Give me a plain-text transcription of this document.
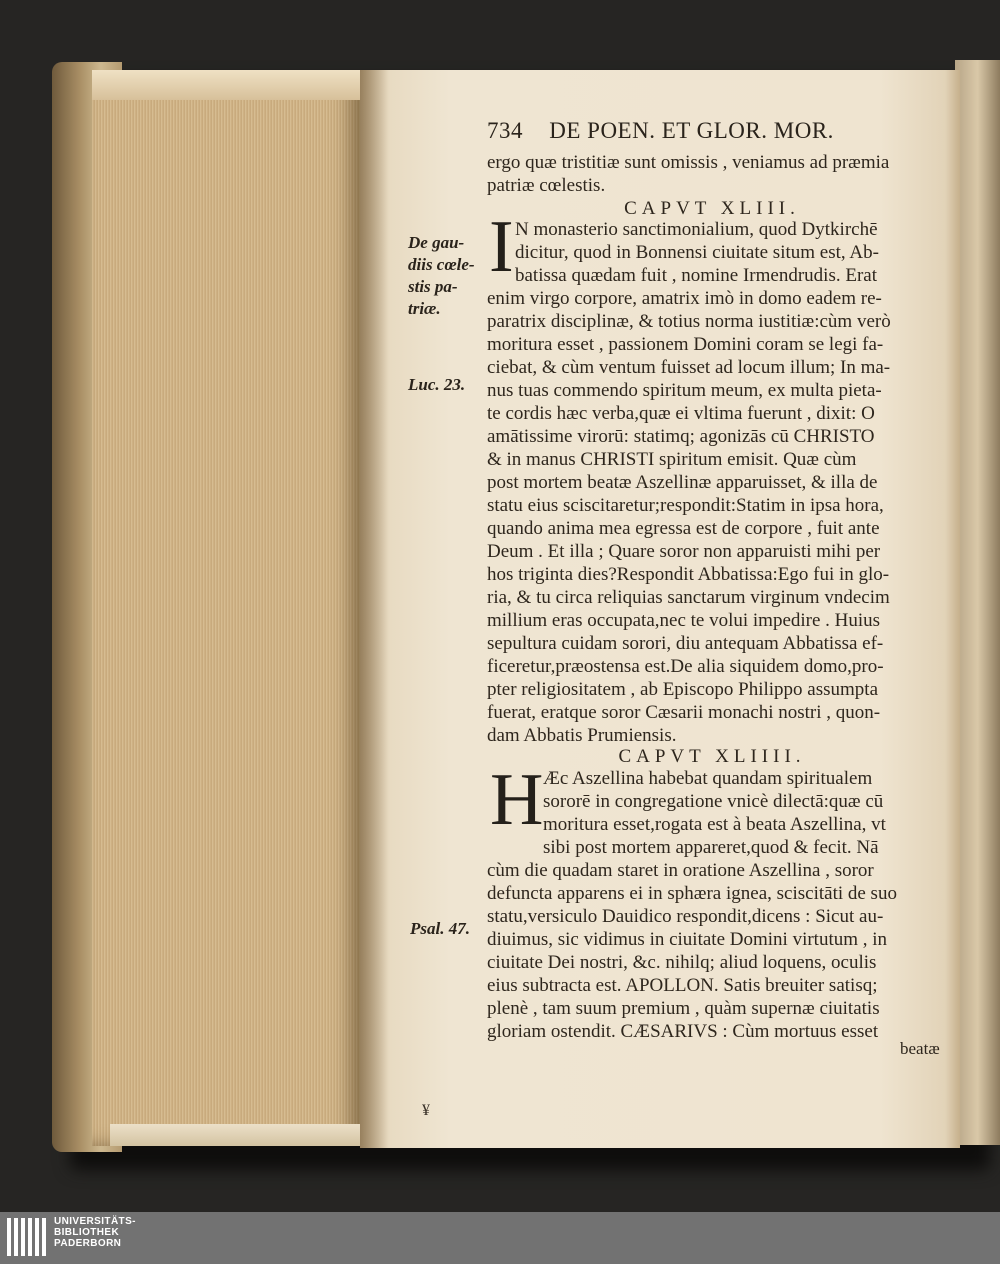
734 DE POEN. ET GLOR. MOR.
ergo quæ tristitiæ sunt omissis , veniamus ad præmia
patriæ cœlestis.
CAPVT XLIII.
I N monasterio sanctimonialium, quod Dytkirchē
dicitur, quod in Bonnensi ciuitate situm est, Ab-
batissa quædam fuit , nomine Irmendrudis. Erat
enim virgo corpore, amatrix imò in domo eadem re-
paratrix disciplinæ, & totius norma iustitiæ:cùm verò
moritura esset , passionem Domini coram se legi fa-
ciebat, & cùm ventum fuisset ad locum illum; In ma-
nus tuas commendo spiritum meum, ex multa pieta-
te cordis hæc verba,quæ ei vltima fuerunt , dixit: O
amātissime virorū: statimq; agonizās cū CHRISTO
& in manus CHRISTI spiritum emisit. Quæ cùm
post mortem beatæ Aszellinæ apparuisset, & illa de
statu eius sciscitaretur;respondit:Statim in ipsa hora,
quando anima mea egressa est de corpore , fuit ante
Deum . Et illa ; Quare soror non apparuisti mihi per
hos triginta dies?Respondit Abbatissa:Ego fui in glo-
ria, & tu circa reliquias sanctarum virginum vndecim
millium eras occupata,nec te volui impedire . Huius
sepultura cuidam sorori, diu antequam Abbatissa ef-
ficeretur,præostensa est.De alia siquidem domo,pro-
pter religiositatem , ab Episcopo Philippo assumpta
fuerat, eratque soror Cæsarii monachi nostri , quon-
dam Abbatis Prumiensis.
CAPVT XLIIII.
H Æc Aszellina habebat quandam spiritualem
sororē in congregatione vnicè dilectā:quæ cū
moritura esset,rogata est à beata Aszellina, vt
sibi post mortem appareret,quod & fecit. Nā
cùm die quadam staret in oratione Aszellina , soror
defuncta apparens ei in sphæra ignea, sciscitāti de suo
statu,versiculo Dauidico respondit,dicens : Sicut au-
diuimus, sic vidimus in ciuitate Domini virtutum , in
ciuitate Dei nostri, &c. nihilq; aliud loquens, oculis
eius subtracta est. APOLLON. Satis breuiter satisq;
plenè , tam suum premium , quàm supernæ ciuitatis
gloriam ostendit. CÆSARIVS : Cùm mortuus esset
beatæ
De gau-
diis cœle-
stis pa-
triæ.
Luc. 23.
Psal. 47.
¥
UNIVERSITÄTS-
BIBLIOTHEK
PADERBORN
